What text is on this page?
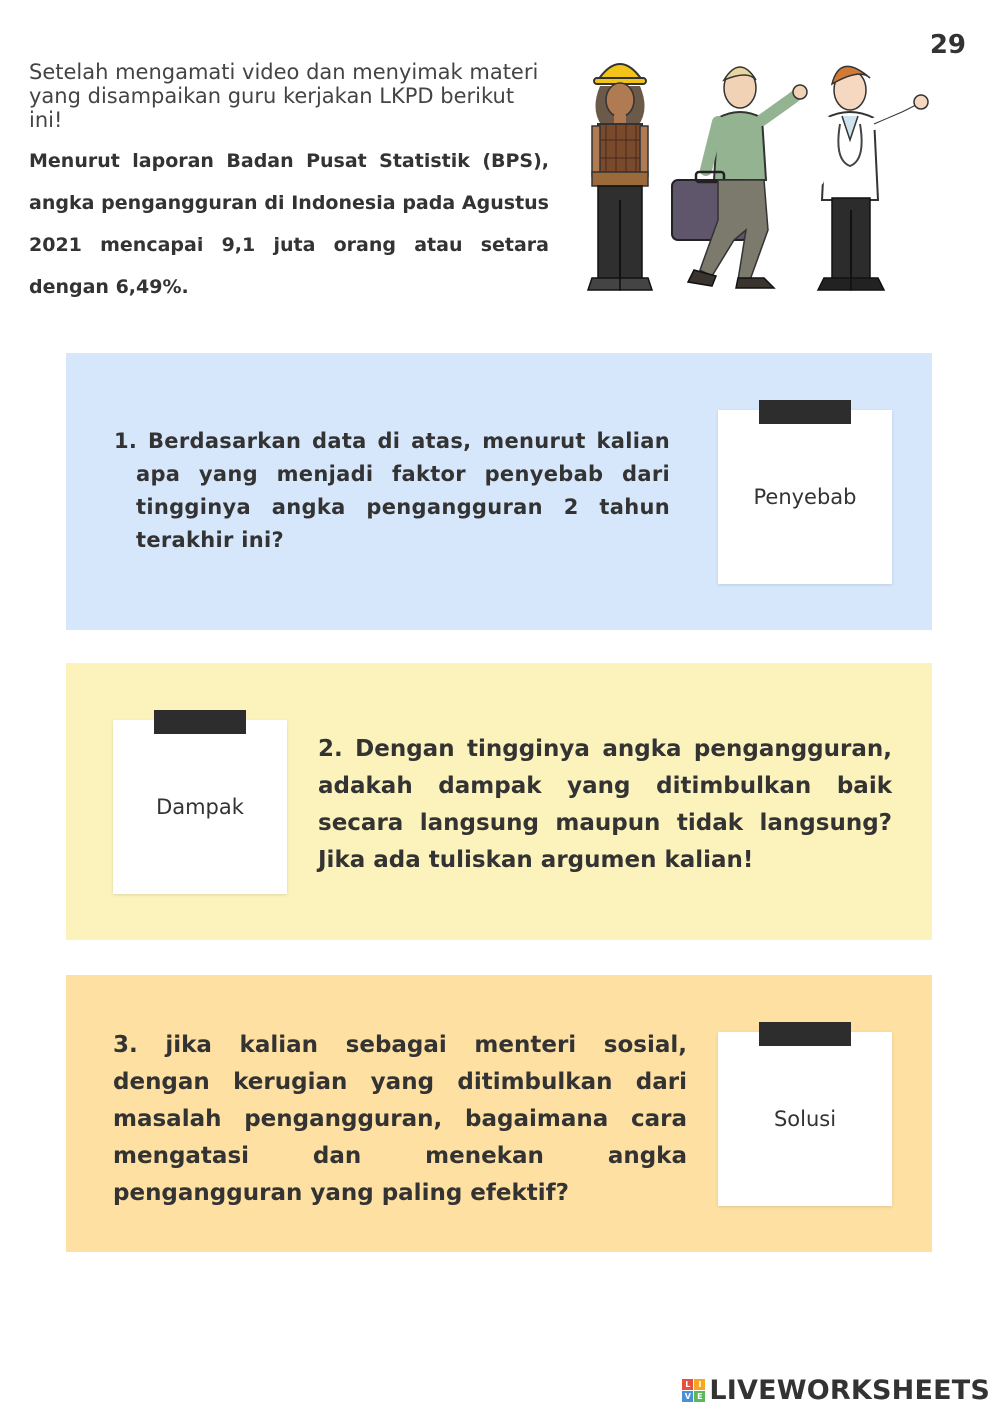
29
Setelah mengamati video dan menyimak materi yang disampaikan guru kerjakan LKPD berikut ini!
Menurut laporan Badan Pusat Statistik (BPS), angka pengangguran di Indonesia pada Agustus 2021 mencapai 9,1 juta orang atau setara dengan 6,49%.
1. Berdasarkan data di atas, menurut kalian apa yang menjadi faktor penyebab dari tingginya angka pengangguran 2 tahun terakhir ini?
Penyebab
Dampak
2. Dengan tingginya angka pengangguran, adakah dampak yang ditimbulkan baik secara langsung maupun tidak langsung? Jika ada tuliskan argumen kalian!
3. jika kalian sebagai menteri sosial, dengan kerugian yang ditimbulkan dari masalah pengangguran, bagaimana cara mengatasi dan menekan angka pengangguran yang paling efektif?
Solusi
L I
V E LIVEWORKSHEETS
